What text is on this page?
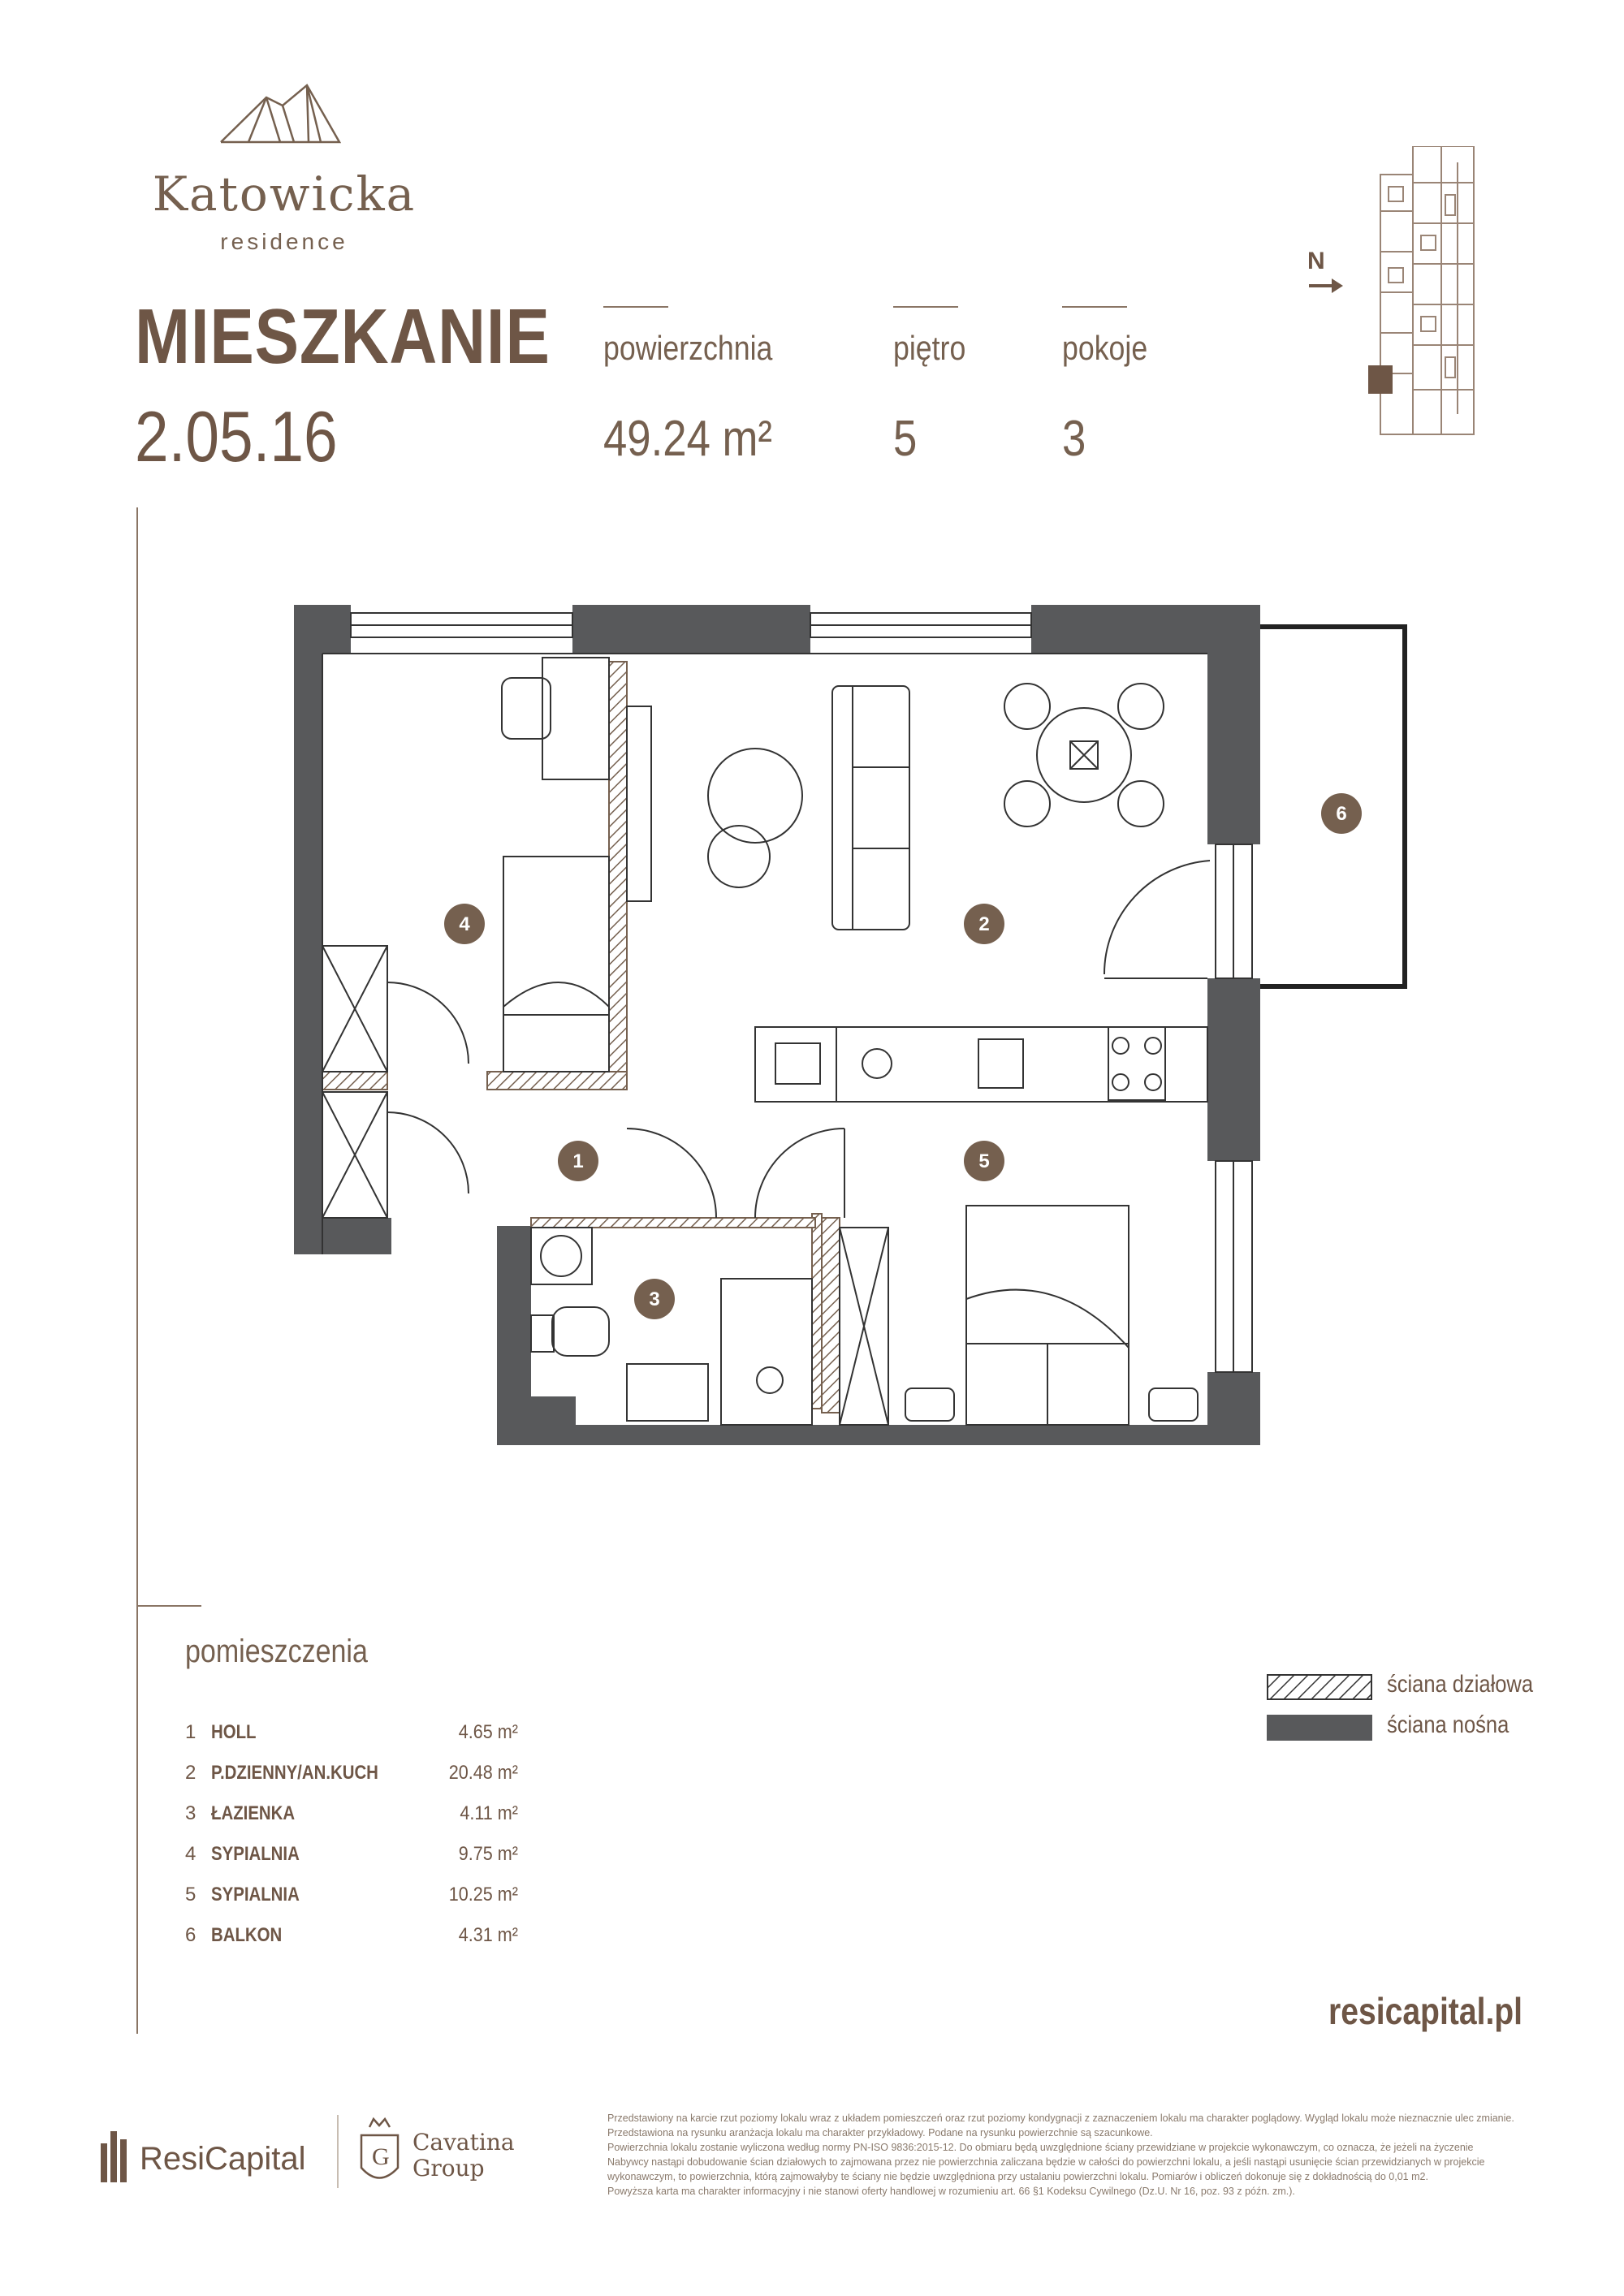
Katowicka
residence
MIESZKANIE
2.05.16
powierzchnia
49.24 m²
piętro
5
pokoje
3
N
1
2
3
4
5
6
pomieszczenia
1 HOLL	4.65 m²
2 P.DZIENNY/AN.KUCH	20.48 m²
3 ŁAZIENKA	4.11 m²
4 SYPIALNIA	9.75 m²
5 SYPIALNIA	10.25 m²
6 BALKON	4.31 m²
ściana działowa
ściana nośna
resicapital.pl
ResiCapital	G
Cavatina
Group

Przedstawiony na karcie rzut poziomy lokalu wraz z układem pomieszczeń oraz rzut poziomy kondygnacji z zaznaczeniem lokalu ma charakter poglądowy. Wygląd lokalu może nieznacznie ulec zmianie.

Przedstawiona na rysunku aranżacja lokalu ma charakter przykładowy. Podane na rysunku powierzchnie są szacunkowe.

Powierzchnia lokalu zostanie wyliczona według normy PN-ISO 9836:2015-12. Do obmiaru będą uwzględnione ściany przewidziane w projekcie wykonawczym, co oznacza, że jeżeli na życzenie

Nabywcy nastąpi dobudowanie ścian działowych to zajmowana przez nie powierzchnia zaliczana będzie w całości do powierzchni lokalu, a jeśli nastąpi usunięcie ścian przewidzianych w projekcie

wykonawczym, to powierzchnia, którą zajmowałyby te ściany nie będzie uwzględniona przy ustalaniu powierzchni lokalu. Pomiarów i obliczeń dokonuje się z dokładnością do 0,01 m2.

Powyższa karta ma charakter informacyjny i nie stanowi oferty handlowej w rozumieniu art. 66 §1 Kodeksu Cywilnego (Dz.U. Nr 16, poz. 93 z późn. zm.).
